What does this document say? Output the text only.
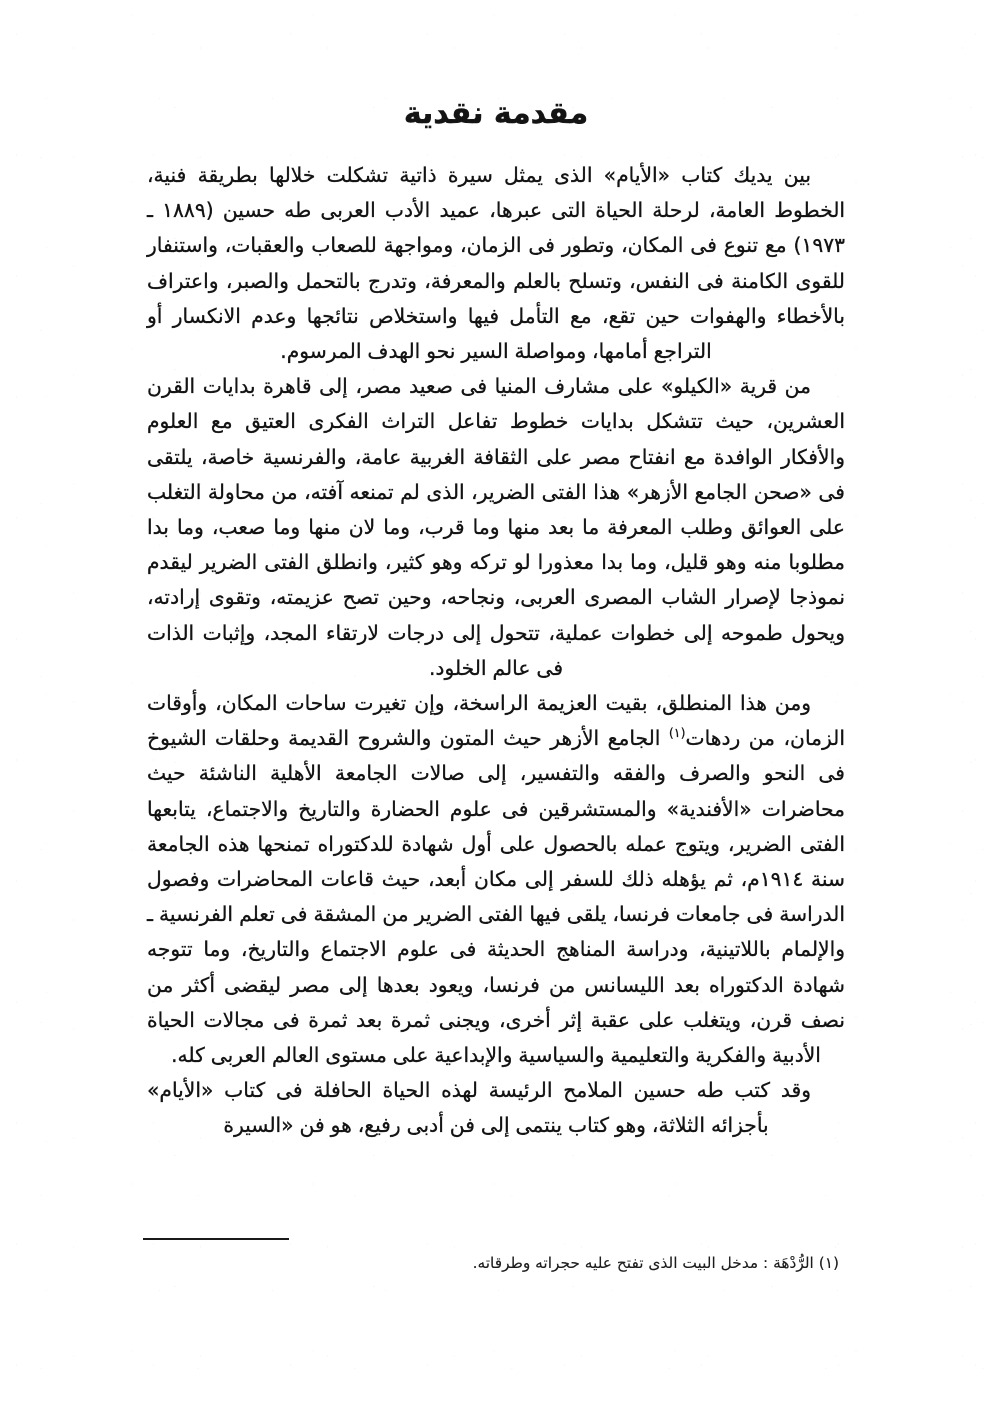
مقدمة نقدية

بين يديك كتاب «الأيام» الذى يمثل سيرة ذاتية تشكلت خلالها بطريقة فنية، الخطوط العامة، لرحلة الحياة التى عبرها، عميد الأدب العربى طه حسين (١٨٨٩ ـ ١٩٧٣) مع تنوع فى المكان، وتطور فى الزمان، ومواجهة للصعاب والعقبات، واستنفار للقوى الكامنة فى النفس، وتسلح بالعلم والمعرفة، وتدرج بالتحمل والصبر، واعتراف بالأخطاء والهفوات حين تقع، مع التأمل فيها واستخلاص نتائجها وعدم الانكسار أو التراجع أمامها، ومواصلة السير نحو الهدف المرسوم.

من قرية «الكيلو» على مشارف المنيا فى صعيد مصر، إلى قاهرة بدايات القرن العشرين، حيث تتشكل بدايات خطوط تفاعل التراث الفكرى العتيق مع العلوم والأفكار الوافدة مع انفتاح مصر على الثقافة الغربية عامة، والفرنسية خاصة، يلتقى فى «صحن الجامع الأزهر» هذا الفتى الضرير، الذى لم تمنعه آفته، من محاولة التغلب على العوائق وطلب المعرفة ما بعد منها وما قرب، وما لان منها وما صعب، وما بدا مطلوبا منه وهو قليل، وما بدا معذورا لو تركه وهو كثير، وانطلق الفتى الضرير ليقدم نموذجا لإصرار الشاب المصرى العربى، ونجاحه، وحين تصح عزيمته، وتقوى إرادته، ويحول طموحه إلى خطوات عملية، تتحول إلى درجات لارتقاء المجد، وإثبات الذات فى عالم الخلود.

ومن هذا المنطلق، بقيت العزيمة الراسخة، وإن تغيرت ساحات المكان، وأوقات الزمان، من ردهات$^{(١)}$ الجامع الأزهر حيث المتون والشروح القديمة وحلقات الشيوخ فى النحو والصرف والفقه والتفسير، إلى صالات الجامعة الأهلية الناشئة حيث محاضرات «الأفندية» والمستشرقين فى علوم الحضارة والتاريخ والاجتماع، يتابعها الفتى الضرير، ويتوج عمله بالحصول على أول شهادة للدكتوراه تمنحها هذه الجامعة سنة ١٩١٤م، ثم يؤهله ذلك للسفر إلى مكان أبعد، حيث قاعات المحاضرات وفصول الدراسة فى جامعات فرنسا، يلقى فيها الفتى الضرير من المشقة فى تعلم الفرنسية ـ والإلمام باللاتينية، ودراسة المناهج الحديثة فى علوم الاجتماع والتاريخ، وما تتوجه شهادة الدكتوراه بعد الليسانس من فرنسا، ويعود بعدها إلى مصر ليقضى أكثر من نصف قرن، ويتغلب على عقبة إثر أخرى، ويجنى ثمرة بعد ثمرة فى مجالات الحياة الأدبية والفكرية والتعليمية والسياسية والإبداعية على مستوى العالم العربى كله.

وقد كتب طه حسين الملامح الرئيسة لهذه الحياة الحافلة فى كتاب «الأيام» بأجزائه الثلاثة، وهو كتاب ينتمى إلى فن أدبى رفيع، هو فن «السيرة

(١) الرُّدْهَة : مدخل البيت الذى تفتح عليه حجراته وطرقاته.
